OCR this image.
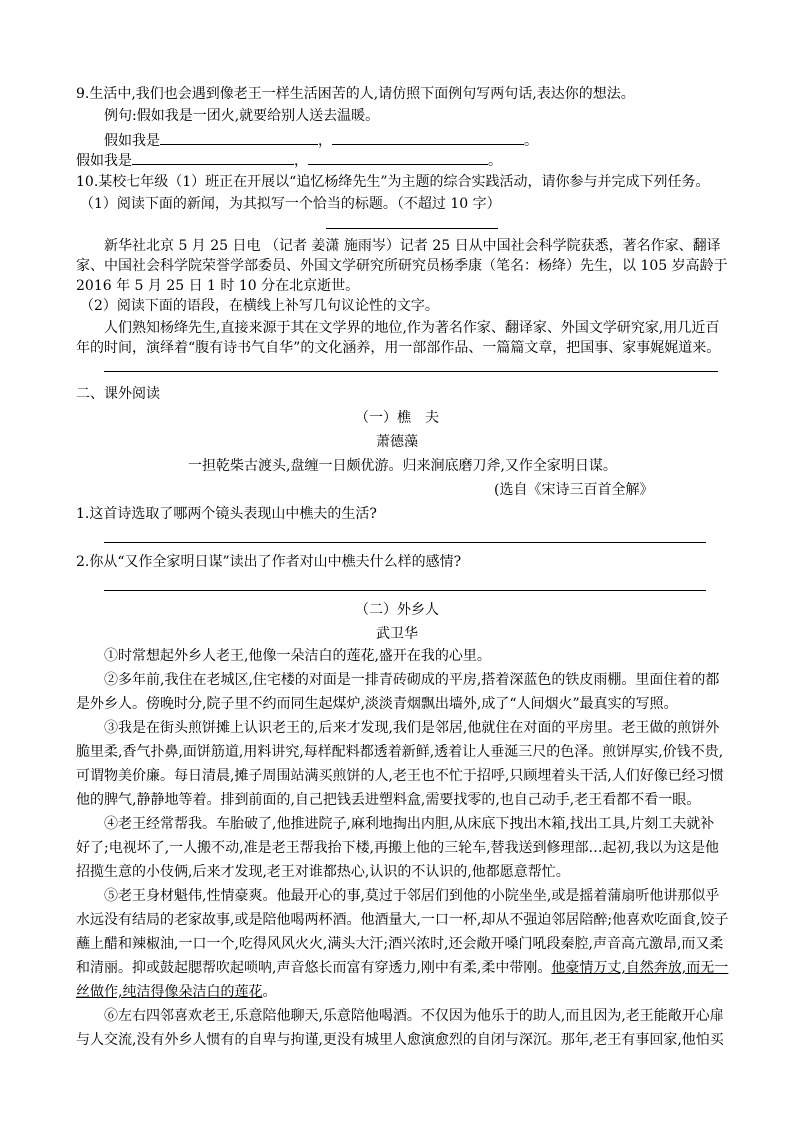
9.生活中,我们也会遇到像老王一样生活困苦的人,请仿照下面例句写两句话,表达你的想法。
例句:假如我是一团火,就要给别人送去温暖。
假如我是	，	。
假如我是	，	。
10.某校七年级（1）班正在开展以“追忆杨绛先生”为主题的综合实践活动，请你参与并完成下列任务。
（1）阅读下面的新闻，为其拟写一个恰当的标题。（不超过 10 字）
新华社北京 5 月 25 日电 （记者 姜潇 施雨岑）记者 25 日从中国社会科学院获悉，著名作家、翻译
家、中国社会科学院荣誉学部委员、外国文学研究所研究员杨季康（笔名：杨绛）先生，以 105 岁高龄于
2016 年 5 月 25 日 1 时 10 分在北京逝世。
（2）阅读下面的语段，在横线上补写几句议论性的文字。
人们熟知杨绛先生,直接来源于其在文学界的地位,作为著名作家、翻译家、外国文学研究家,用几近百
年的时间，演绎着“腹有诗书气自华”的文化涵养，用一部部作品、一篇篇文章，把国事、家事娓娓道来。
二、课外阅读
（一）樵　夫
萧德藻
一担乾柴古渡头,盘缠一日颇优游。归来涧底磨刀斧,又作全家明日谋。
(选自《宋诗三百首全解》
1.这首诗选取了哪两个镜头表现山中樵夫的生活?
2.你从“又作全家明日谋”读出了作者对山中樵夫什么样的感情?
（二）外乡人
武卫华
①时常想起外乡人老王,他像一朵洁白的莲花,盛开在我的心里。
②多年前,我住在老城区,住宅楼的对面是一排青砖砌成的平房,搭着深蓝色的铁皮雨棚。里面住着的都
是外乡人。傍晚时分,院子里不约而同生起煤炉,淡淡青烟飘出墙外,成了“人间烟火”最真实的写照。
③我是在街头煎饼摊上认识老王的,后来才发现,我们是邻居,他就住在对面的平房里。老王做的煎饼外
脆里柔,香气扑鼻,面饼筋道,用料讲究,每样配料都透着新鲜,透着让人垂涎三尺的色泽。煎饼厚实,价钱不贵,
可谓物美价廉。每日清晨,摊子周围站满买煎饼的人,老王也不忙于招呼,只顾埋着头干活,人们好像已经习惯
他的脾气,静静地等着。排到前面的,自己把钱丢进塑料盒,需要找零的,也自己动手,老王看都不看一眼。
④老王经常帮我。车胎破了,他推进院子,麻利地掏出内胆,从床底下拽出木箱,找出工具,片刻工夫就补
好了;电视坏了,一人搬不动,准是老王帮我抬下楼,再搬上他的三轮车,替我送到修理部…起初,我以为这是他
招揽生意的小伎俩,后来才发现,老王对谁都热心,认识的不认识的,他都愿意帮忙。
⑤老王身材魁伟,性情豪爽。他最开心的事,莫过于邻居们到他的小院坐坐,或是摇着蒲扇听他讲那似乎
水远没有结局的老家故事,或是陪他喝两杯酒。他酒量大,一口一杯,却从不强迫邻居陪醉;他喜欢吃面食,饺子
蘸上醋和辣椒油,一口一个,吃得风风火火,满头大汗;酒兴浓时,还会敞开嗓门吼段秦腔,声音高亢激昂,而又柔
和清丽。抑或鼓起腮帮吹起唢呐,声音悠长而富有穿透力,刚中有柔,柔中带刚。他豪情万丈,自然奔放,而无一
丝做作,纯洁得像朵洁白的莲花。
⑥左右四邻喜欢老王,乐意陪他聊天,乐意陪他喝酒。不仅因为他乐于的助人,而且因为,老王能敞开心扉
与人交流,没有外乡人惯有的自卑与拘谨,更没有城里人愈演愈烈的自闭与深沉。那年,老王有事回家,他怕买
